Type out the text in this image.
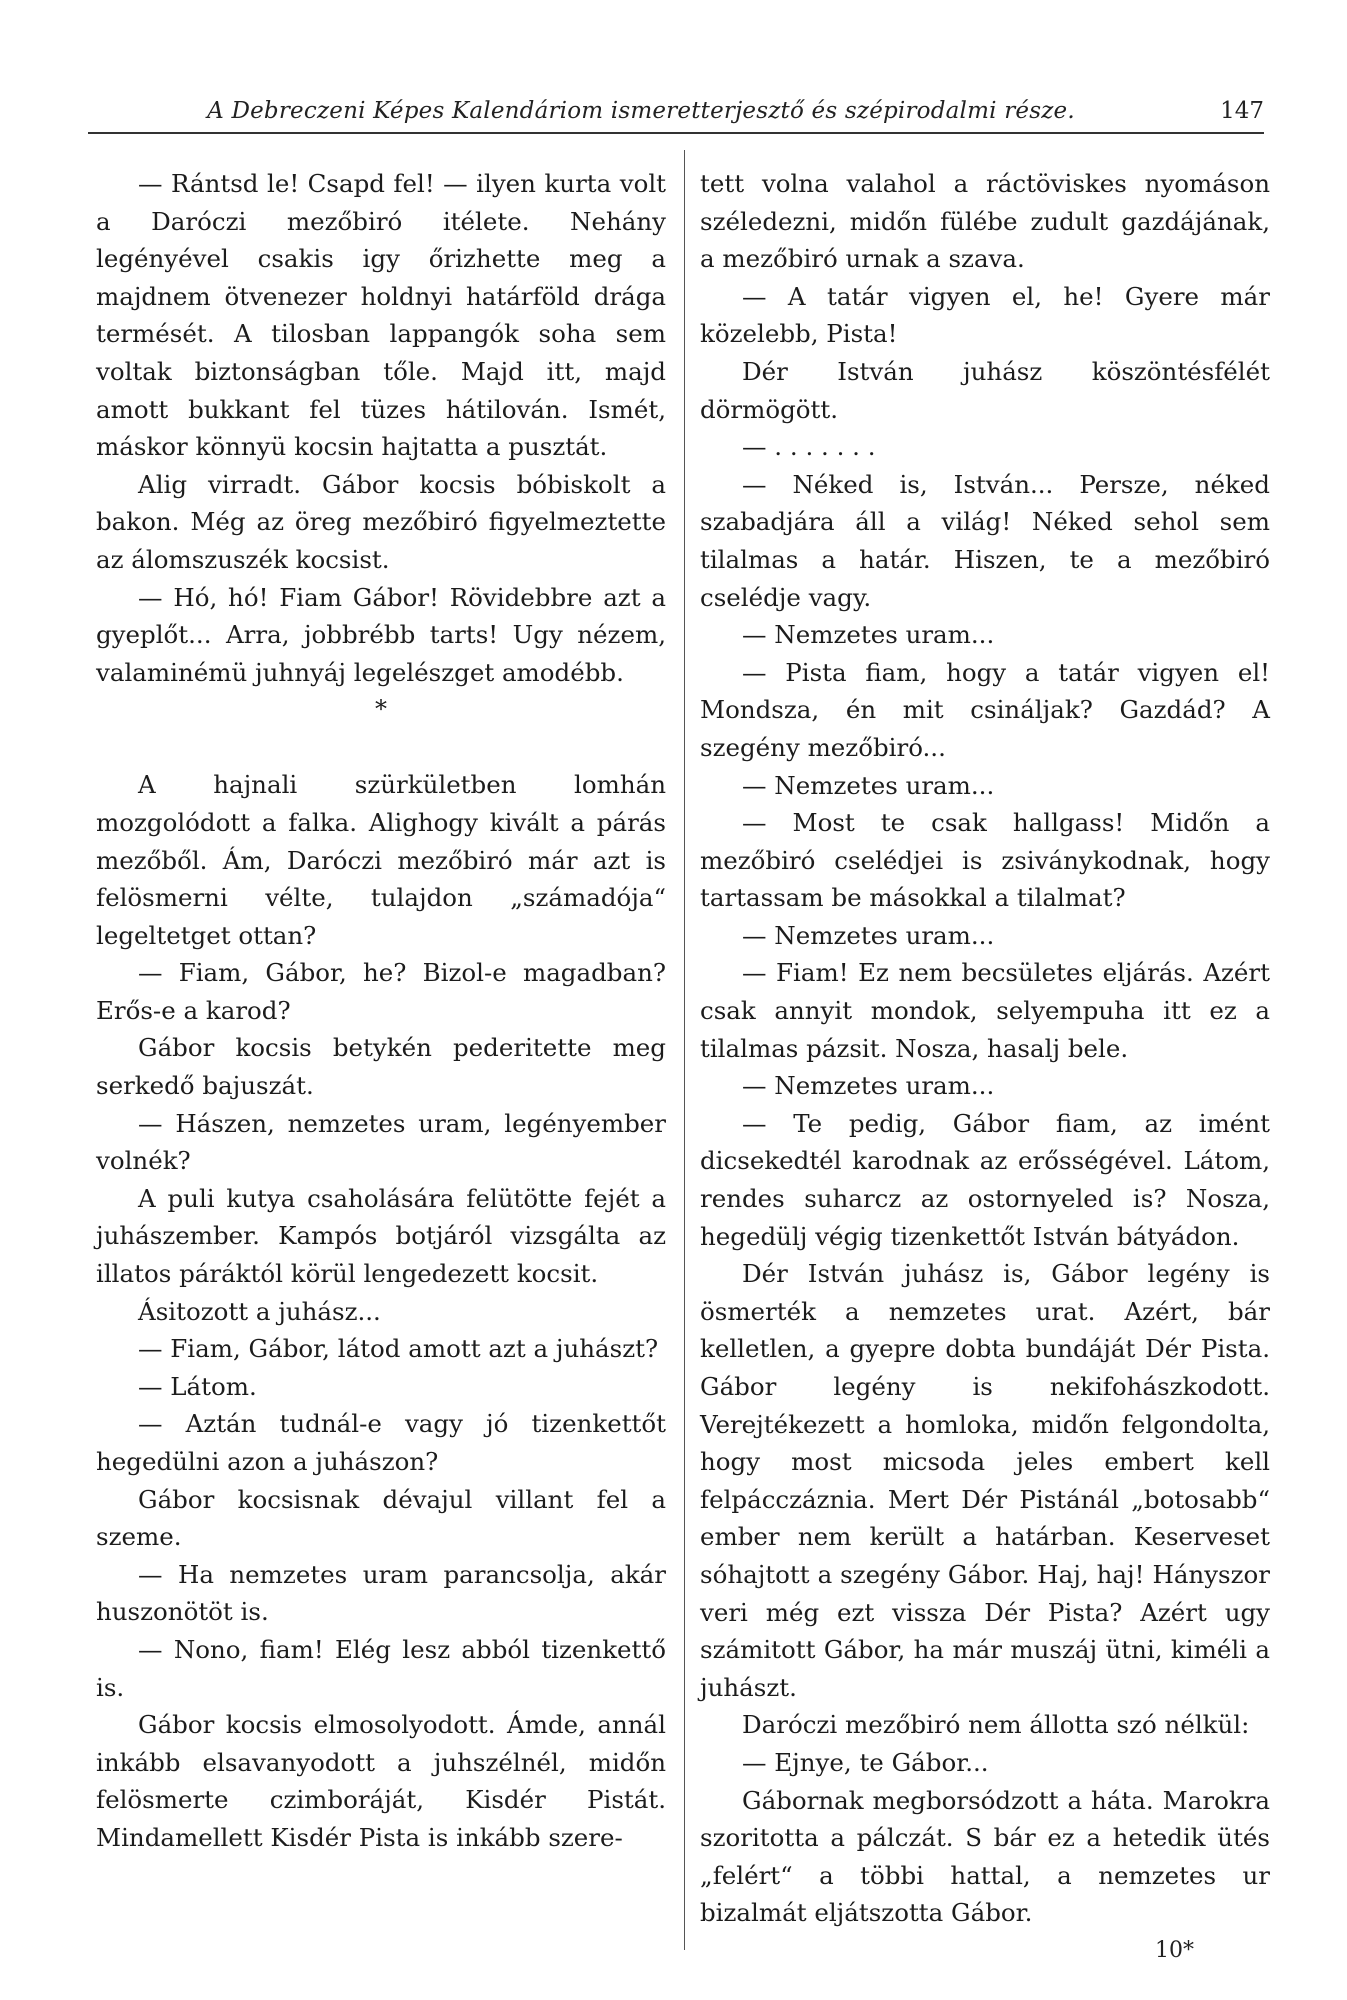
A Debreczeni Képes Kalendáriom ismeretterjesztő és szépirodalmi része.	147

— Rántsd le! Csapd fel! — ilyen kurta volt a Daróczi mezőbiró itélete. Nehány legényével csakis igy őrizhette meg a majdnem ötvenezer holdnyi határföld drága termését. A tilosban lappangók soha sem voltak biztonságban tőle. Majd itt, majd amott bukkant fel tüzes hátilován. Ismét, máskor könnyü kocsin hajtatta a pusztát.

Alig virradt. Gábor kocsis bóbiskolt a bakon. Még az öreg mezőbiró figyelmeztette az álomszuszék kocsist.

— Hó, hó! Fiam Gábor! Rövidebbre azt a gyeplőt... Arra, jobbrébb tarts! Ugy nézem, valaminémü juhnyáj legelészget amodébb.

*

A hajnali szürkületben lomhán mozgolódott a falka. Alighogy kivált a párás mezőből. Ám, Daróczi mezőbiró már azt is felösmerni vélte, tulajdon „számadója“ legeltetget ottan?

— Fiam, Gábor, he? Bizol-e magadban? Erős-e a karod?

Gábor kocsis betykén pederitette meg serkedő bajuszát.

— Hászen, nemzetes uram, legényember volnék?

A puli kutya csaholására felütötte fejét a juhászember. Kampós botjáról vizsgálta az illatos páráktól körül lengedezett kocsit.

Ásitozott a juhász...

— Fiam, Gábor, látod amott azt a juhászt?

— Látom.

— Aztán tudnál-e vagy jó tizenkettőt hegedülni azon a juhászon?

Gábor kocsisnak dévajul villant fel a szeme.

— Ha nemzetes uram parancsolja, akár huszonötöt is.

— Nono, fiam! Elég lesz abból tizenkettő is.

Gábor kocsis elmosolyodott. Ámde, annál inkább elsavanyodott a juhszélnél, midőn felösmerte czimboráját, Kisdér Pistát. Mindamellett Kisdér Pista is inkább szere-

tett volna valahol a ráctöviskes nyomáson széledezni, midőn fülébe zudult gazdájának, a mezőbiró urnak a szava.

— A tatár vigyen el, he! Gyere már közelebb, Pista!

Dér István juhász köszöntésfélét dörmögött.

— . . . . . . .

— Néked is, István... Persze, néked szabadjára áll a világ! Néked sehol sem tilalmas a határ. Hiszen, te a mezőbiró cselédje vagy.

— Nemzetes uram...

— Pista fiam, hogy a tatár vigyen el! Mondsza, én mit csináljak? Gazdád? A szegény mezőbiró...

— Nemzetes uram...

— Most te csak hallgass! Midőn a mezőbiró cselédjei is zsiványkodnak, hogy tartassam be másokkal a tilalmat?

— Nemzetes uram...

— Fiam! Ez nem becsületes eljárás. Azért csak annyit mondok, selyempuha itt ez a tilalmas pázsit. Nosza, hasalj bele.

— Nemzetes uram...

— Te pedig, Gábor fiam, az imént dicsekedtél karodnak az erősségével. Látom, rendes suharcz az ostornyeled is? Nosza, hegedülj végig tizenkettőt István bátyádon.

Dér István juhász is, Gábor legény is ösmerték a nemzetes urat. Azért, bár kelletlen, a gyepre dobta bundáját Dér Pista. Gábor legény is nekifohászkodott. Verejtékezett a homloka, midőn felgondolta, hogy most micsoda jeles embert kell felpácczáznia. Mert Dér Pistánál „botosabb“ ember nem került a határban. Keserveset sóhajtott a szegény Gábor. Haj, haj! Hányszor veri még ezt vissza Dér Pista? Azért ugy számitott Gábor, ha már muszáj ütni, kiméli a juhászt.

Daróczi mezőbiró nem állotta szó nélkül:

— Ejnye, te Gábor...

Gábornak megborsódzott a háta. Marokra szoritotta a pálczát. S bár ez a hetedik ütés „felért“ a többi hattal, a nemzetes ur bizalmát eljátszotta Gábor.

10*
